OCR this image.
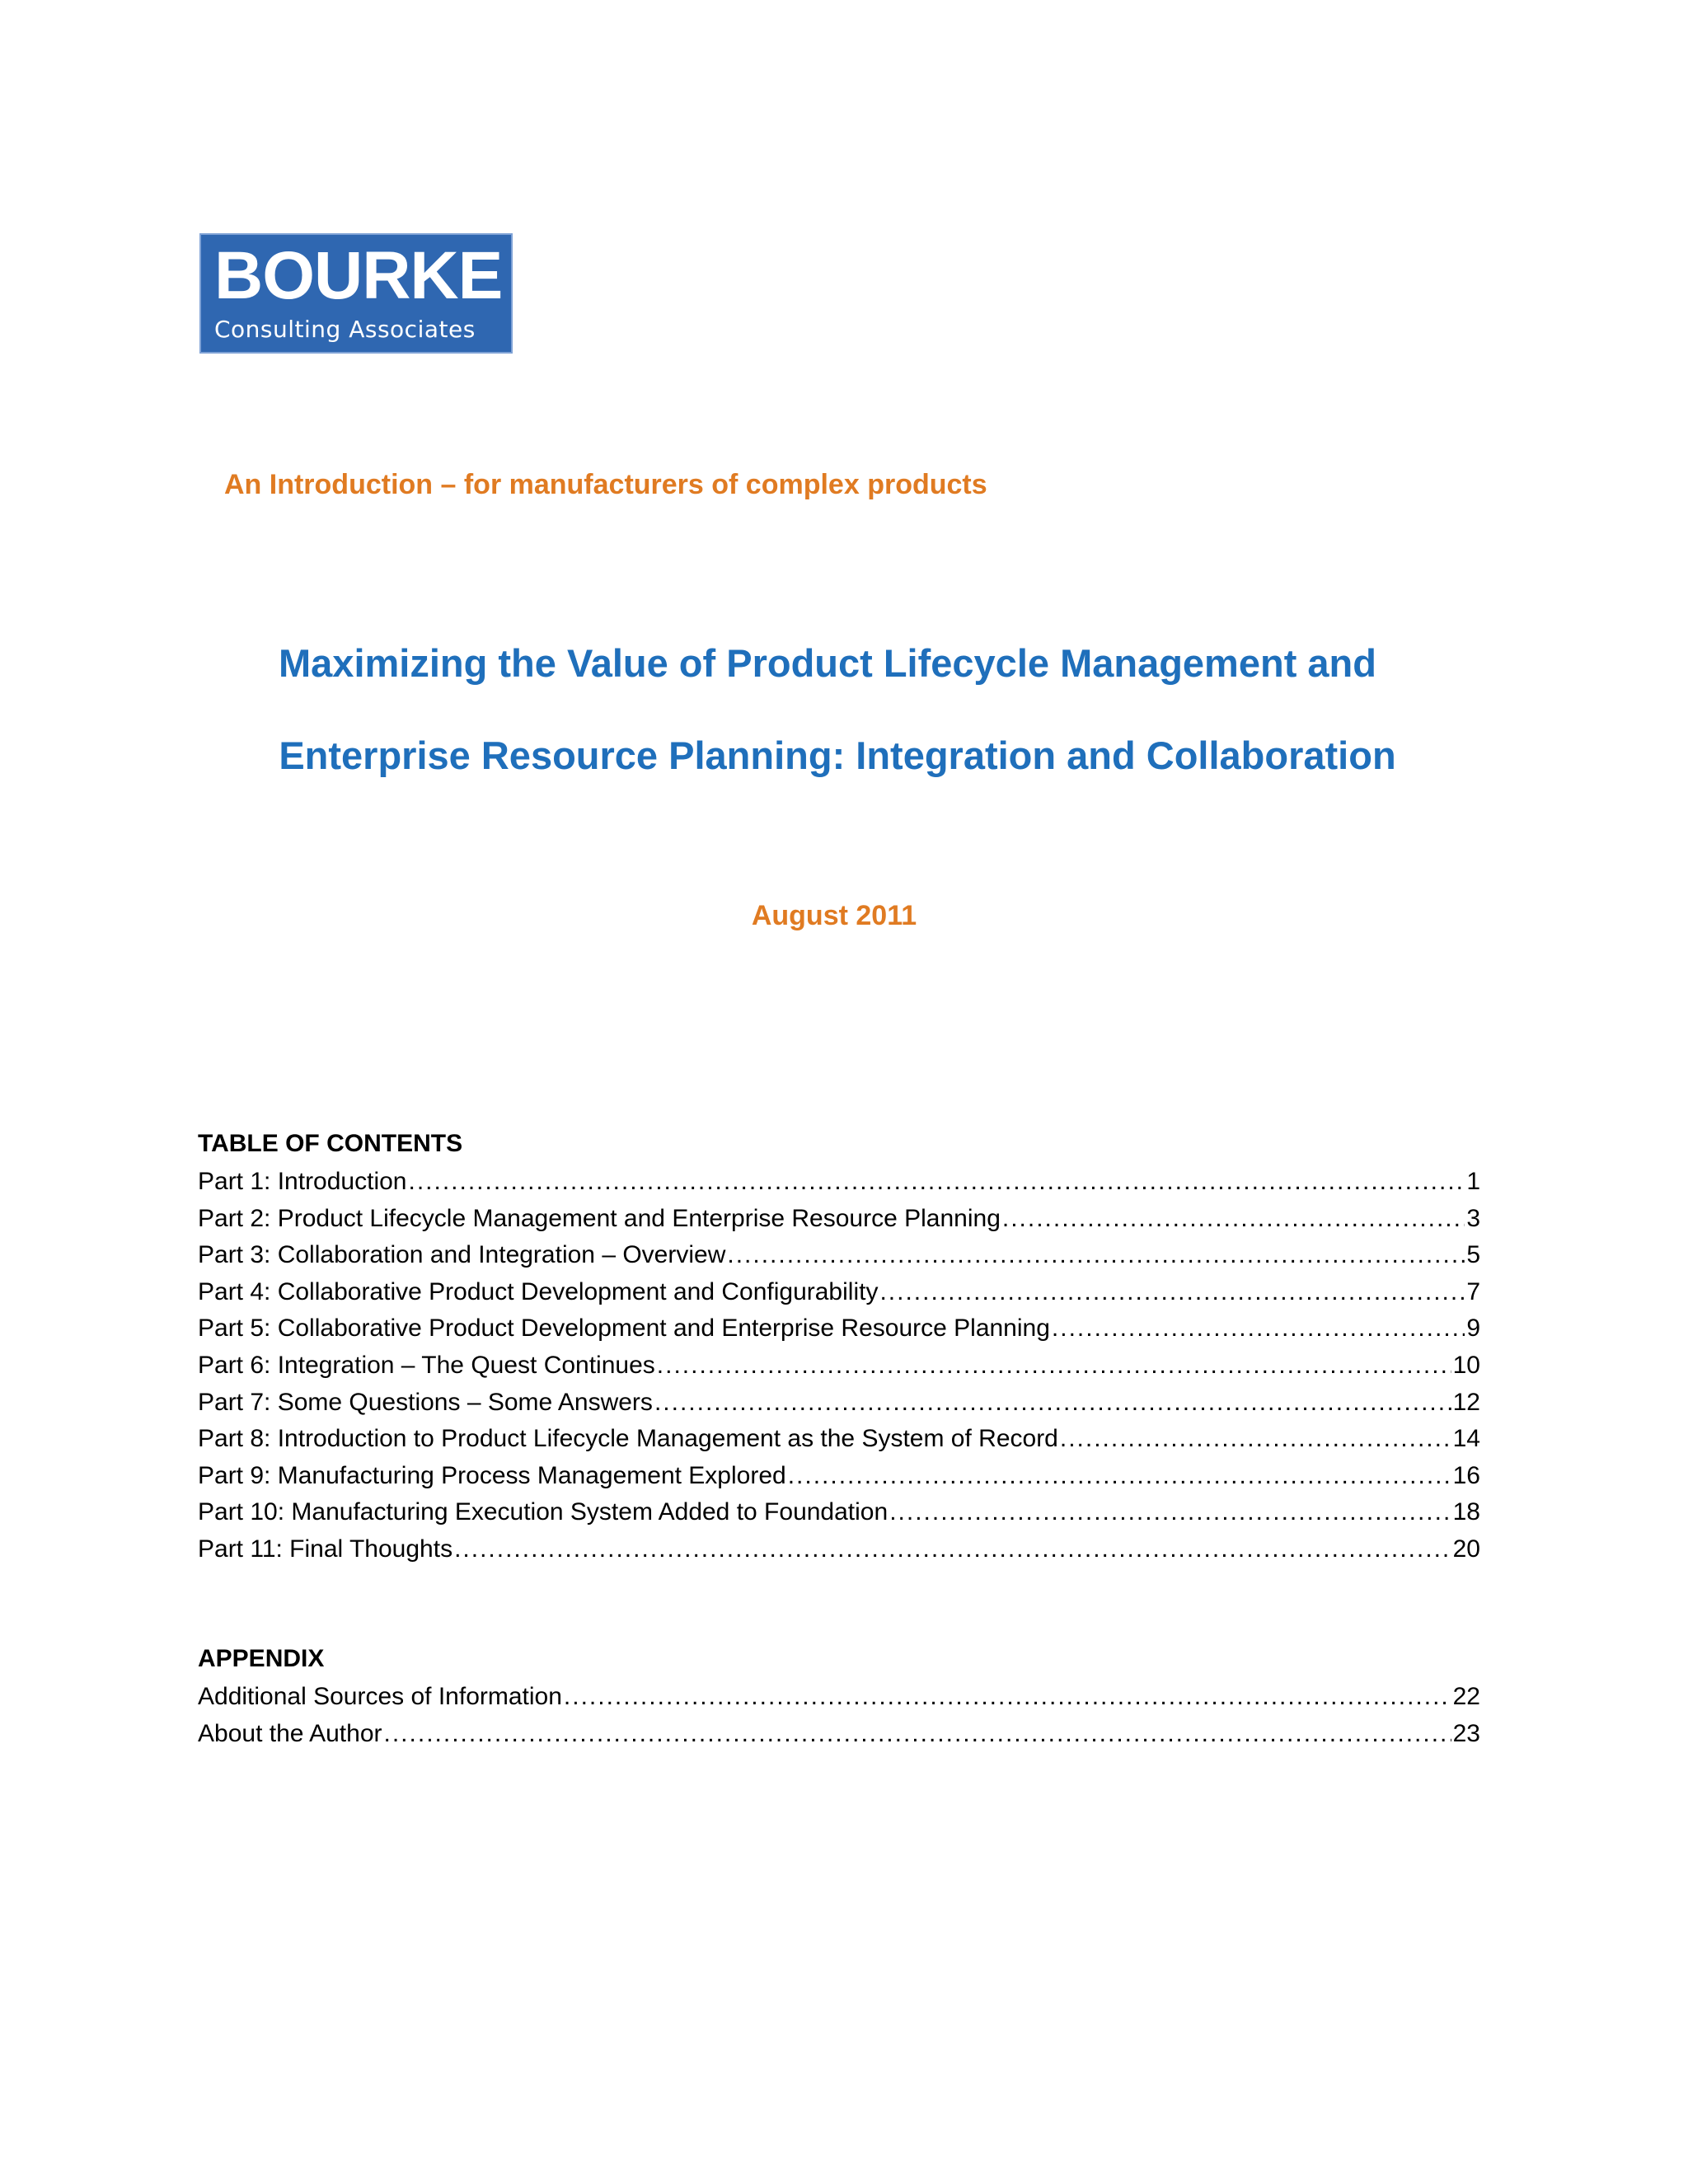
BOURKE
Consulting Associates
An Introduction – for manufacturers of complex products
Maximizing the Value of Product Lifecycle Management and
Enterprise Resource Planning: Integration and Collaboration
August 2011
TABLE OF CONTENTS
Part 1: Introduction .....	1
Part 2: Product Lifecycle Management and Enterprise Resource Planning .....	3
Part 3: Collaboration and Integration – Overview .....	5
Part 4: Collaborative Product Development and Configurability .....	7
Part 5: Collaborative Product Development and Enterprise Resource Planning .....	9
Part 6: Integration – The Quest Continues .....	10
Part 7: Some Questions – Some Answers .....	12
Part 8: Introduction to Product Lifecycle Management as the System of Record .....	14
Part 9: Manufacturing Process Management Explored .....	16
Part 10: Manufacturing Execution System Added to Foundation .....	18
Part 11: Final Thoughts .....	20
APPENDIX
Additional Sources of Information .....	22
About the Author .....	23
